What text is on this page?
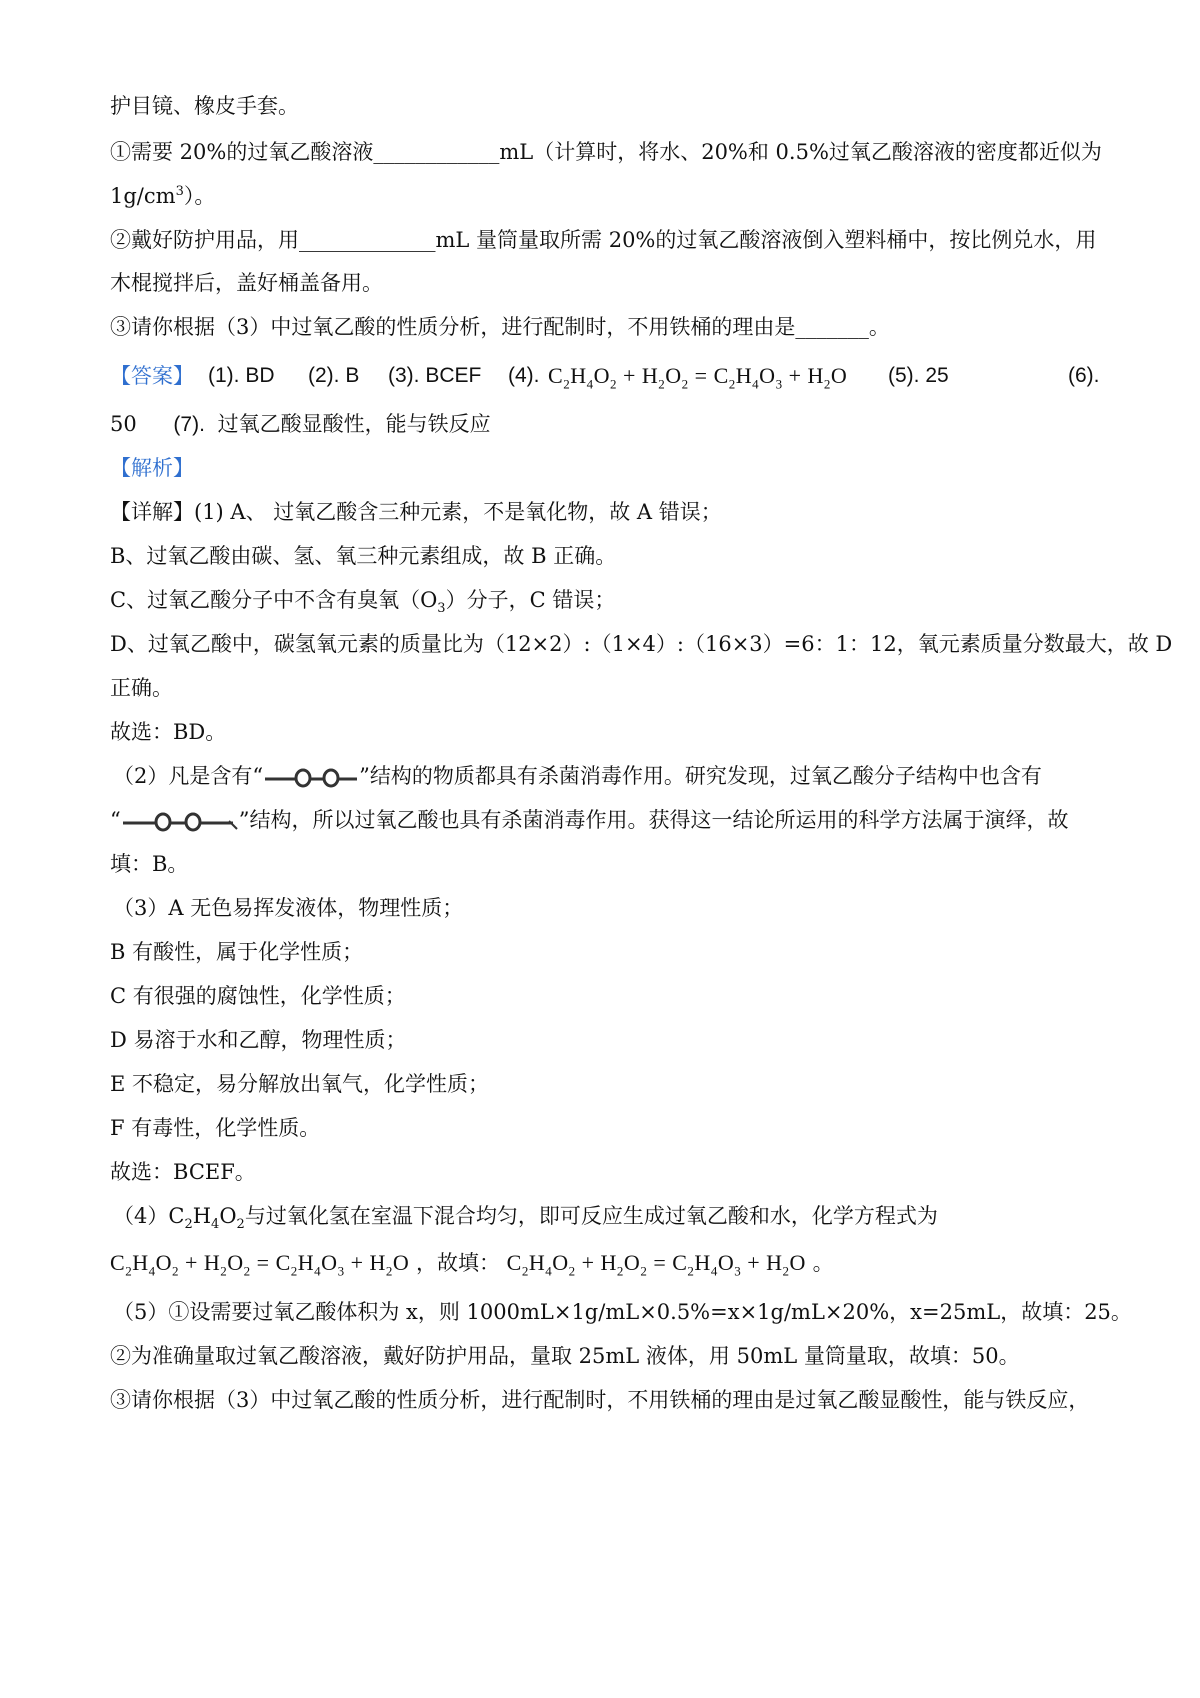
护目镜、橡皮手套。
①需要 20%的过氧乙酸溶液____________mL（计算时，将水、20%和 0.5%过氧乙酸溶液的密度都近似为
$1g/cm^3$）。
②戴好防护用品，用_____________mL 量筒量取所需 20%的过氧乙酸溶液倒入塑料桶中，按比例兑水，用
木棍搅拌后，盖好桶盖备用。
③请你根据（3）中过氧乙酸的性质分析，进行配制时，不用铁桶的理由是_______。
【答案】 (1). BD (2). B (3). BCEF (4). $C_2H_4O_2 + H_2O_2 = C_2H_4O_3 + H_2O$ (5). 25	(6).
50 (7). 过氧乙酸显酸性，能与铁反应
【解析】
【详解】(1) A、 过氧乙酸含三种元素，不是氧化物，故 A 错误；
B、过氧乙酸由碳、氢、氧三种元素组成，故 B 正确。
C、过氧乙酸分子中不含有臭氧$(O_3)$分子，C 错误；
D、过氧乙酸中，碳氢氧元素的质量比为（12×2）:（1×4）:（16×3）=6：1：12，氧元素质量分数最大，故 D
正确。
故选：BD。
（2）凡是含有“	”结构的物质都具有杀菌消毒作用。研究发现，过氧乙酸分子结构中也含有
“	”结构，所以过氧乙酸也具有杀菌消毒作用。获得这一结论所运用的科学方法属于演绎，故
填：B。
（3）A 无色易挥发液体，物理性质；
B 有酸性，属于化学性质；
C 有很强的腐蚀性，化学性质；
D 易溶于水和乙醇，物理性质；
E 不稳定，易分解放出氧气，化学性质；
F 有毒性，化学性质。
故选：BCEF。
$(4)C_2H_4O_2$与过氧化氢在室温下混合均匀，即可反应生成过氧乙酸和水，化学方程式为
$C_2H_4O_2 + H_2O_2 = C_2H_4O_3 + H_2O$ ，故填： $C_2H_4O_2 + H_2O_2 = C_2H_4O_3 + H_2O$ 。
（5）①设需要过氧乙酸体积为 x，则 1000mL×1g/mL×0.5%=x×1g/mL×20%，x=25mL，故填：25。
②为准确量取过氧乙酸溶液，戴好防护用品，量取 25mL 液体，用 50mL 量筒量取，故填：50。
③请你根据（3）中过氧乙酸的性质分析，进行配制时，不用铁桶的理由是过氧乙酸显酸性，能与铁反应，
